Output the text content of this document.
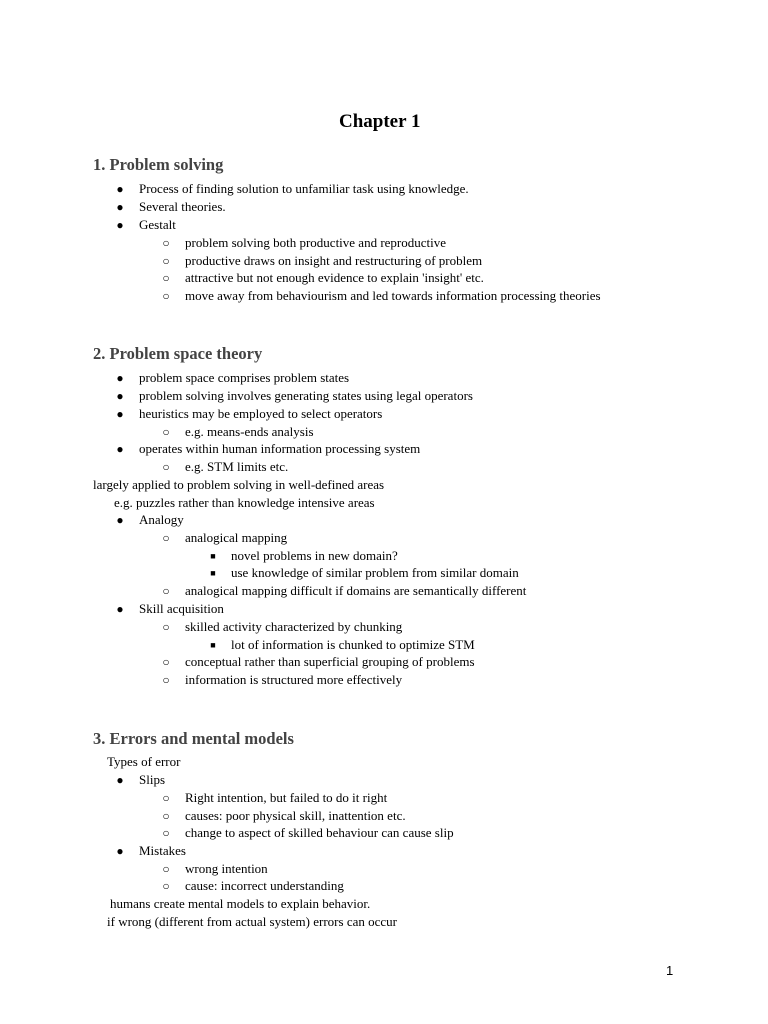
Chapter 1
1. Problem solving
● Process of finding solution to unfamiliar task using knowledge.
● Several theories.
● Gestalt
○ problem solving both productive and reproductive
○ productive draws on insight and restructuring of problem
○ attractive but not enough evidence to explain 'insight' etc.
○ move away from behaviourism and led towards information processing theories
2. Problem space theory
● problem space comprises problem states
● problem solving involves generating states using legal operators
● heuristics may be employed to select operators
○ e.g. means-ends analysis
● operates within human information processing system
○ e.g. STM limits etc.
largely applied to problem solving in well-defined areas
e.g. puzzles rather than knowledge intensive areas
● Analogy
○ analogical mapping
■ novel problems in new domain?
■ use knowledge of similar problem from similar domain
○ analogical mapping difficult if domains are semantically different
● Skill acquisition
○ skilled activity characterized by chunking
■ lot of information is chunked to optimize STM
○ conceptual rather than superficial grouping of problems
○ information is structured more effectively
3. Errors and mental models
Types of error
● Slips
○ Right intention, but failed to do it right
○ causes: poor physical skill, inattention etc.
○ change to aspect of skilled behaviour can cause slip
● Mistakes
○ wrong intention
○ cause: incorrect understanding
humans create mental models to explain behavior.
if wrong (different from actual system) errors can occur
1
